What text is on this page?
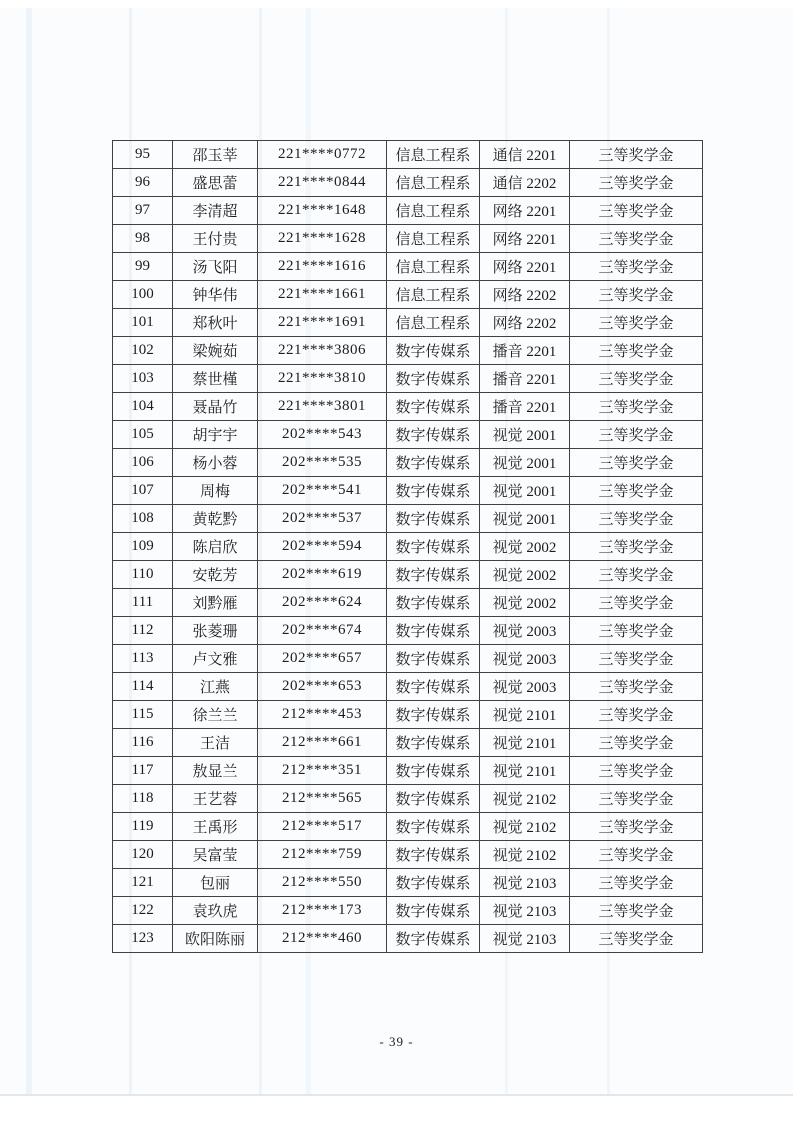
95	邵玉莘	221****0772	信息工程系	通信 2201	三等奖学金
96	盛思蕾	221****0844	信息工程系	通信 2202	三等奖学金
97	李清超	221****1648	信息工程系	网络 2201	三等奖学金
98	王付贵	221****1628	信息工程系	网络 2201	三等奖学金
99	汤飞阳	221****1616	信息工程系	网络 2201	三等奖学金
100	钟华伟	221****1661	信息工程系	网络 2202	三等奖学金
101	郑秋叶	221****1691	信息工程系	网络 2202	三等奖学金
102	梁婉茹	221****3806	数字传媒系	播音 2201	三等奖学金
103	蔡世槿	221****3810	数字传媒系	播音 2201	三等奖学金
104	聂晶竹	221****3801	数字传媒系	播音 2201	三等奖学金
105	胡宇宇	202****543	数字传媒系	视觉 2001	三等奖学金
106	杨小蓉	202****535	数字传媒系	视觉 2001	三等奖学金
107	周梅	202****541	数字传媒系	视觉 2001	三等奖学金
108	黄乾黔	202****537	数字传媒系	视觉 2001	三等奖学金
109	陈启欣	202****594	数字传媒系	视觉 2002	三等奖学金
110	安乾芳	202****619	数字传媒系	视觉 2002	三等奖学金
111	刘黔雁	202****624	数字传媒系	视觉 2002	三等奖学金
112	张菱珊	202****674	数字传媒系	视觉 2003	三等奖学金
113	卢文雅	202****657	数字传媒系	视觉 2003	三等奖学金
114	江燕	202****653	数字传媒系	视觉 2003	三等奖学金
115	徐兰兰	212****453	数字传媒系	视觉 2101	三等奖学金
116	王洁	212****661	数字传媒系	视觉 2101	三等奖学金
117	敖显兰	212****351	数字传媒系	视觉 2101	三等奖学金
118	王艺蓉	212****565	数字传媒系	视觉 2102	三等奖学金
119	王禹形	212****517	数字传媒系	视觉 2102	三等奖学金
120	吴富莹	212****759	数字传媒系	视觉 2102	三等奖学金
121	包丽	212****550	数字传媒系	视觉 2103	三等奖学金
122	袁玖虎	212****173	数字传媒系	视觉 2103	三等奖学金
123	欧阳陈丽	212****460	数字传媒系	视觉 2103	三等奖学金
- 39 -
